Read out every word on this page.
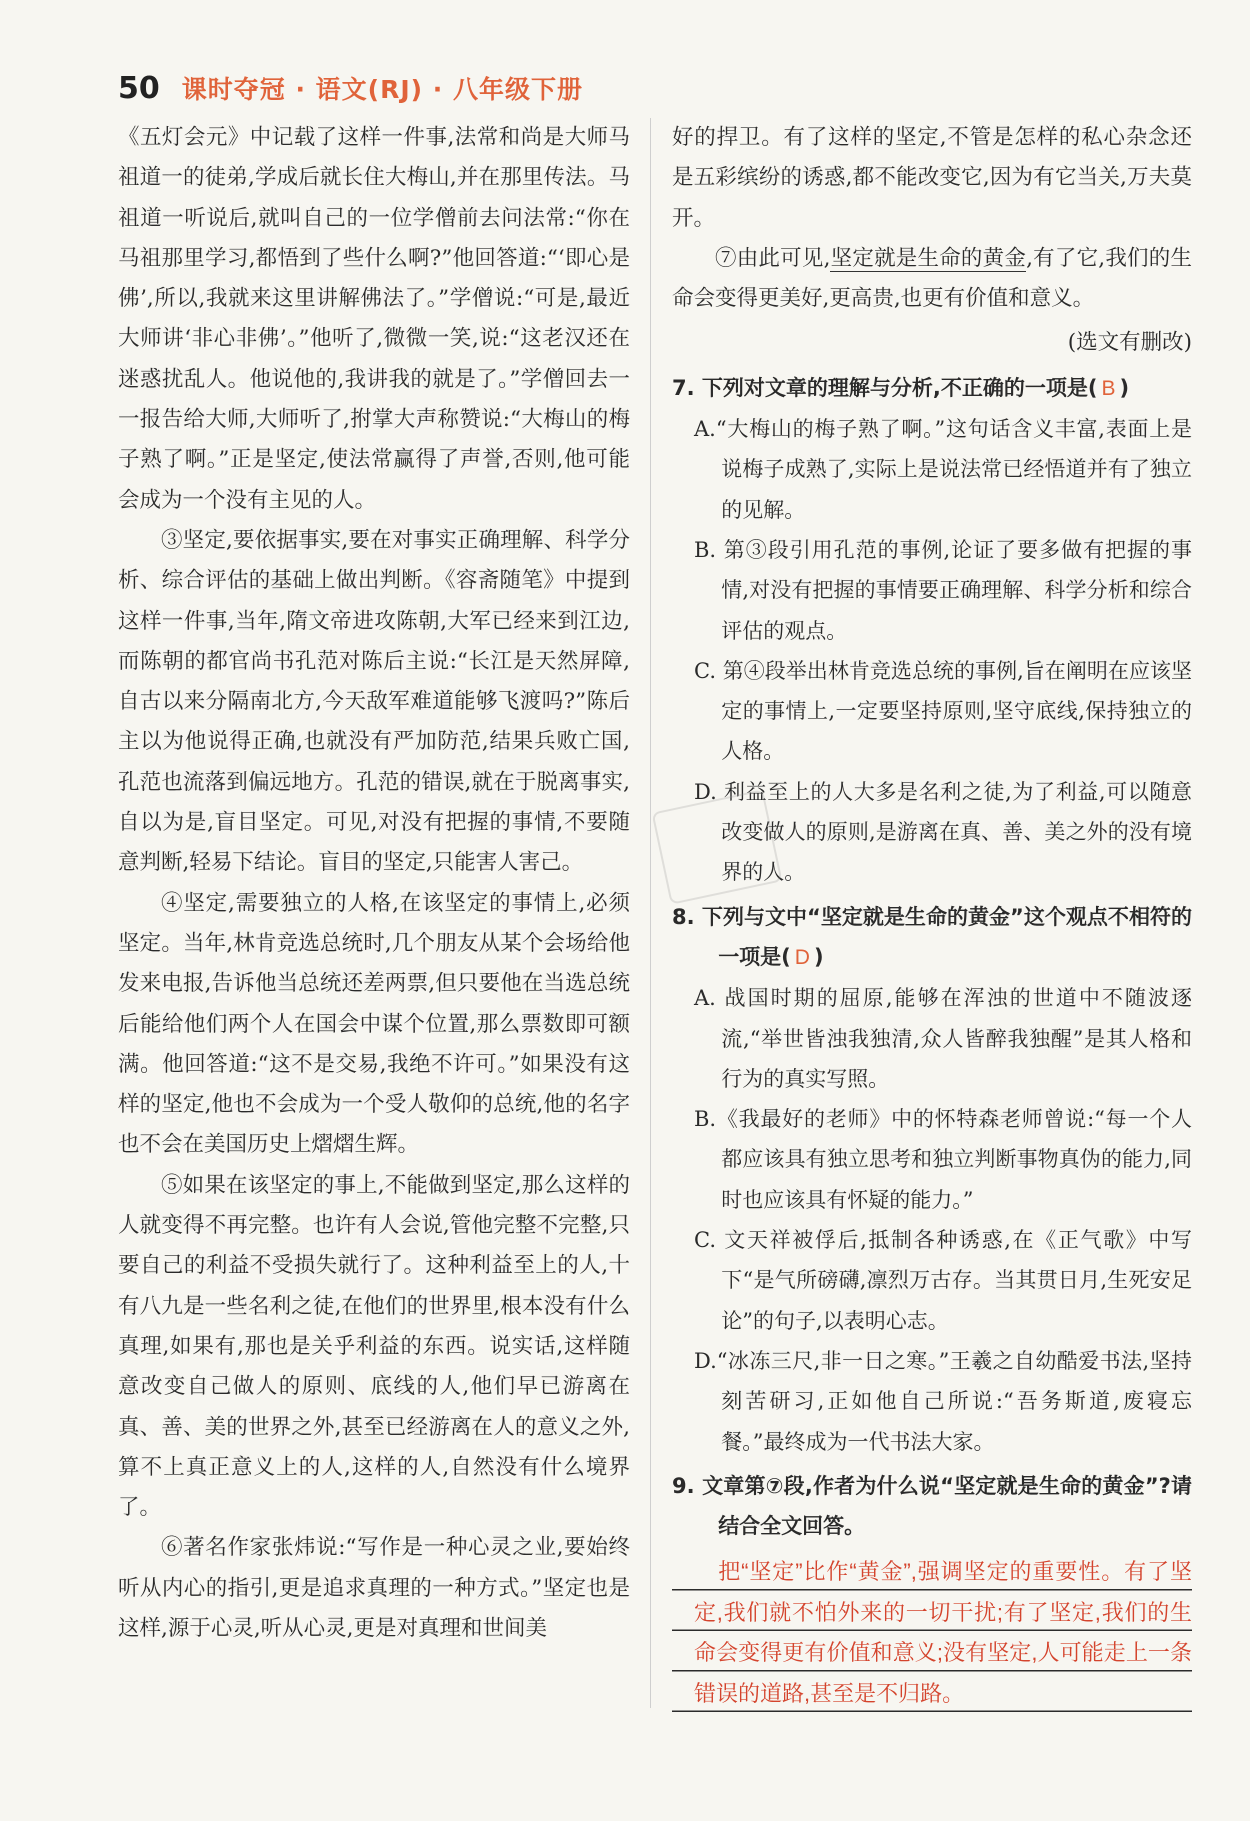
50 课时夺冠 · 语文(RJ) · 八年级下册

《五灯会元》中记载了这样一件事,法常和尚是大师马祖道一的徒弟,学成后就长住大梅山,并在那里传法。马祖道一听说后,就叫自己的一位学僧前去问法常:“你在马祖那里学习,都悟到了些什么啊?”他回答道:“‘即心是佛’,所以,我就来这里讲解佛法了。”学僧说:“可是,最近大师讲‘非心非佛’。”他听了,微微一笑,说:“这老汉还在迷惑扰乱人。他说他的,我讲我的就是了。”学僧回去一一报告给大师,大师听了,拊掌大声称赞说:“大梅山的梅子熟了啊。”正是坚定,使法常赢得了声誉,否则,他可能会成为一个没有主见的人。

③坚定,要依据事实,要在对事实正确理解、科学分析、综合评估的基础上做出判断。《容斋随笔》中提到这样一件事,当年,隋文帝进攻陈朝,大军已经来到江边,而陈朝的都官尚书孔范对陈后主说:“长江是天然屏障,自古以来分隔南北方,今天敌军难道能够飞渡吗?”陈后主以为他说得正确,也就没有严加防范,结果兵败亡国,孔范也流落到偏远地方。孔范的错误,就在于脱离事实,自以为是,盲目坚定。可见,对没有把握的事情,不要随意判断,轻易下结论。盲目的坚定,只能害人害己。

④坚定,需要独立的人格,在该坚定的事情上,必须坚定。当年,林肯竞选总统时,几个朋友从某个会场给他发来电报,告诉他当总统还差两票,但只要他在当选总统后能给他们两个人在国会中谋个位置,那么票数即可额满。他回答道:“这不是交易,我绝不许可。”如果没有这样的坚定,他也不会成为一个受人敬仰的总统,他的名字也不会在美国历史上熠熠生辉。

⑤如果在该坚定的事上,不能做到坚定,那么这样的人就变得不再完整。也许有人会说,管他完整不完整,只要自己的利益不受损失就行了。这种利益至上的人,十有八九是一些名利之徒,在他们的世界里,根本没有什么真理,如果有,那也是关乎利益的东西。说实话,这样随意改变自己做人的原则、底线的人,他们早已游离在真、善、美的世界之外,甚至已经游离在人的意义之外,算不上真正意义上的人,这样的人,自然没有什么境界了。

⑥著名作家张炜说:“写作是一种心灵之业,要始终听从内心的指引,更是追求真理的一种方式。”坚定也是这样,源于心灵,听从心灵,更是对真理和世间美

好的捍卫。有了这样的坚定,不管是怎样的私心杂念还是五彩缤纷的诱惑,都不能改变它,因为有它当关,万夫莫开。

⑦由此可见,坚定就是生命的黄金,有了它,我们的生命会变得更美好,更高贵,也更有价值和意义。

(选文有删改)

7. 下列对文章的理解与分析,不正确的一项是( B )

A.“大梅山的梅子熟了啊。”这句话含义丰富,表面上是说梅子成熟了,实际上是说法常已经悟道并有了独立的见解。

B. 第③段引用孔范的事例,论证了要多做有把握的事情,对没有把握的事情要正确理解、科学分析和综合评估的观点。

C. 第④段举出林肯竞选总统的事例,旨在阐明在应该坚定的事情上,一定要坚持原则,坚守底线,保持独立的人格。

D. 利益至上的人大多是名利之徒,为了利益,可以随意改变做人的原则,是游离在真、善、美之外的没有境界的人。

8. 下列与文中“坚定就是生命的黄金”这个观点不相符的一项是( D )

A. 战国时期的屈原,能够在浑浊的世道中不随波逐流,“举世皆浊我独清,众人皆醉我独醒”是其人格和行为的真实写照。

B.《我最好的老师》中的怀特森老师曾说:“每一个人都应该具有独立思考和独立判断事物真伪的能力,同时也应该具有怀疑的能力。”

C. 文天祥被俘后,抵制各种诱惑,在《正气歌》中写下“是气所磅礴,凛烈万古存。当其贯日月,生死安足论”的句子,以表明心志。

D.“冰冻三尺,非一日之寒。”王羲之自幼酷爱书法,坚持刻苦研习,正如他自己所说:“吾务斯道,废寝忘餐。”最终成为一代书法大家。

9. 文章第⑦段,作者为什么说“坚定就是生命的黄金”?请结合全文回答。

把“坚定”比作“黄金”,强调坚定的重要性。有了坚定,我们就不怕外来的一切干扰;有了坚定,我们的生命会变得更有价值和意义;没有坚定,人可能走上一条错误的道路,甚至是不归路。
